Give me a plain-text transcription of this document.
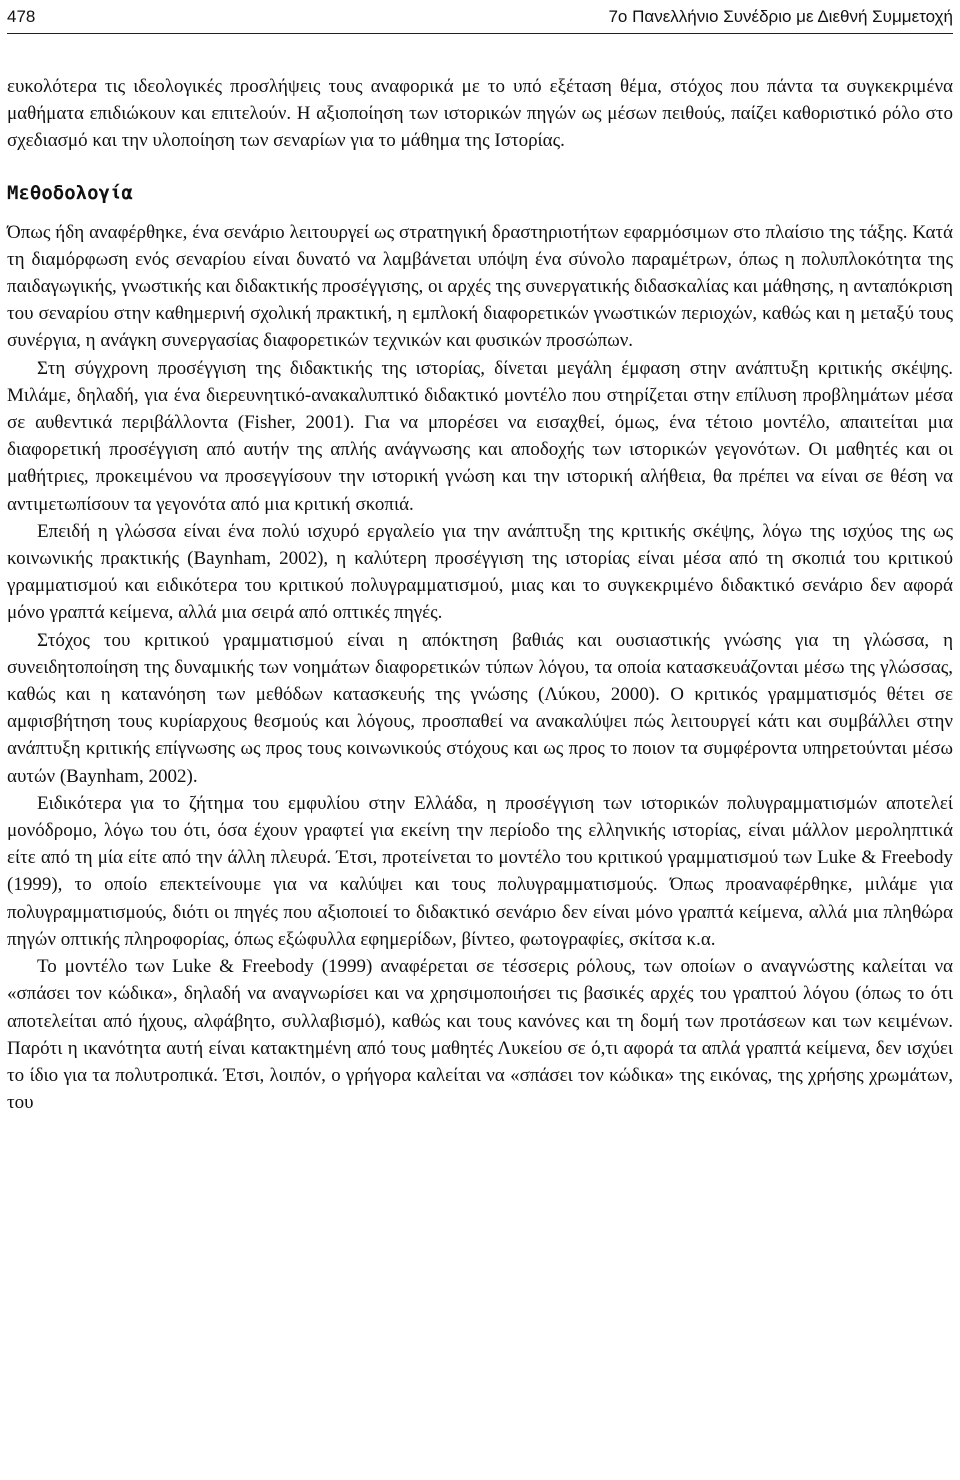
478	7ο Πανελλήνιο Συνέδριο με Διεθνή Συμμετοχή

ευκολότερα τις ιδεολογικές προσλήψεις τους αναφορικά με το υπό εξέταση θέμα, στόχος που πάντα τα συγκεκριμένα μαθήματα επιδιώκουν και επιτελούν. Η αξιοποίηση των ιστορικών πηγών ως μέσων πειθούς, παίζει καθοριστικό ρόλο στο σχεδιασμό και την υλοποίηση των σεναρίων για το μάθημα της Ιστορίας.

Μεθοδολογία

Όπως ήδη αναφέρθηκε, ένα σενάριο λειτουργεί ως στρατηγική δραστηριοτήτων εφαρμόσιμων στο πλαίσιο της τάξης. Κατά τη διαμόρφωση ενός σεναρίου είναι δυνατό να λαμβάνεται υπόψη ένα σύνολο παραμέτρων, όπως η πολυπλοκότητα της παιδαγωγικής, γνωστικής και διδακτικής προσέγγισης, οι αρχές της συνεργατικής διδασκαλίας και μάθησης, η ανταπόκριση του σεναρίου στην καθημερινή σχολική πρακτική, η εμπλοκή διαφορετικών γνωστικών περιοχών, καθώς και η μεταξύ τους συνέργια, η ανάγκη συνεργασίας διαφορετικών τεχνικών και φυσικών προσώπων.

Στη σύγχρονη προσέγγιση της διδακτικής της ιστορίας, δίνεται μεγάλη έμφαση στην ανάπτυξη κριτικής σκέψης. Μιλάμε, δηλαδή, για ένα διερευνητικό-ανακαλυπτικό διδακτικό μοντέλο που στηρίζεται στην επίλυση προβλημάτων μέσα σε αυθεντικά περιβάλλοντα (Fisher, 2001). Για να μπορέσει να εισαχθεί, όμως, ένα τέτοιο μοντέλο, απαιτείται μια διαφορετική προσέγγιση από αυτήν της απλής ανάγνωσης και αποδοχής των ιστορικών γεγονότων. Οι μαθητές και οι μαθήτριες, προκειμένου να προσεγγίσουν την ιστορική γνώση και την ιστορική αλήθεια, θα πρέπει να είναι σε θέση να αντιμετωπίσουν τα γεγονότα από μια κριτική σκοπιά.

Επειδή η γλώσσα είναι ένα πολύ ισχυρό εργαλείο για την ανάπτυξη της κριτικής σκέψης, λόγω της ισχύος της ως κοινωνικής πρακτικής (Baynham, 2002), η καλύτερη προσέγγιση της ιστορίας είναι μέσα από τη σκοπιά του κριτικού γραμματισμού και ειδικότερα του κριτικού πολυγραμματισμού, μιας και το συγκεκριμένο διδακτικό σενάριο δεν αφορά μόνο γραπτά κείμενα, αλλά μια σειρά από οπτικές πηγές.

Στόχος του κριτικού γραμματισμού είναι η απόκτηση βαθιάς και ουσιαστικής γνώσης για τη γλώσσα, η συνειδητοποίηση της δυναμικής των νοημάτων διαφορετικών τύπων λόγου, τα οποία κατασκευάζονται μέσω της γλώσσας, καθώς και η κατανόηση των μεθόδων κατασκευής της γνώσης (Λύκου, 2000). Ο κριτικός γραμματισμός θέτει σε αμφισβήτηση τους κυρίαρχους θεσμούς και λόγους, προσπαθεί να ανακαλύψει πώς λειτουργεί κάτι και συμβάλλει στην ανάπτυξη κριτικής επίγνωσης ως προς τους κοινωνικούς στόχους και ως προς το ποιον τα συμφέροντα υπηρετούνται μέσω αυτών (Baynham, 2002).

Ειδικότερα για το ζήτημα του εμφυλίου στην Ελλάδα, η προσέγγιση των ιστορικών πολυγραμματισμών αποτελεί μονόδρομο, λόγω του ότι, όσα έχουν γραφτεί για εκείνη την περίοδο της ελληνικής ιστορίας, είναι μάλλον μεροληπτικά είτε από τη μία είτε από την άλλη πλευρά. Έτσι, προτείνεται το μοντέλο του κριτικού γραμματισμού των Luke & Freebody (1999), το οποίο επεκτείνουμε για να καλύψει και τους πολυγραμματισμούς. Όπως προαναφέρθηκε, μιλάμε για πολυγραμματισμούς, διότι οι πηγές που αξιοποιεί το διδακτικό σενάριο δεν είναι μόνο γραπτά κείμενα, αλλά μια πληθώρα πηγών οπτικής πληροφορίας, όπως εξώφυλλα εφημερίδων, βίντεο, φωτογραφίες, σκίτσα κ.α.

Το μοντέλο των Luke & Freebody (1999) αναφέρεται σε τέσσερις ρόλους, των οποίων ο αναγνώστης καλείται να «σπάσει τον κώδικα», δηλαδή να αναγνωρίσει και να χρησιμοποιήσει τις βασικές αρχές του γραπτού λόγου (όπως το ότι αποτελείται από ήχους, αλφάβητο, συλλαβισμό), καθώς και τους κανόνες και τη δομή των προτάσεων και των κειμένων. Παρότι η ικανότητα αυτή είναι κατακτημένη από τους μαθητές Λυκείου σε ό,τι αφορά τα απλά γραπτά κείμενα, δεν ισχύει το ίδιο για τα πολυτροπικά. Έτσι, λοιπόν, ο γρήγορα καλείται να «σπάσει τον κώδικα» της εικόνας, της χρήσης χρωμάτων, του
